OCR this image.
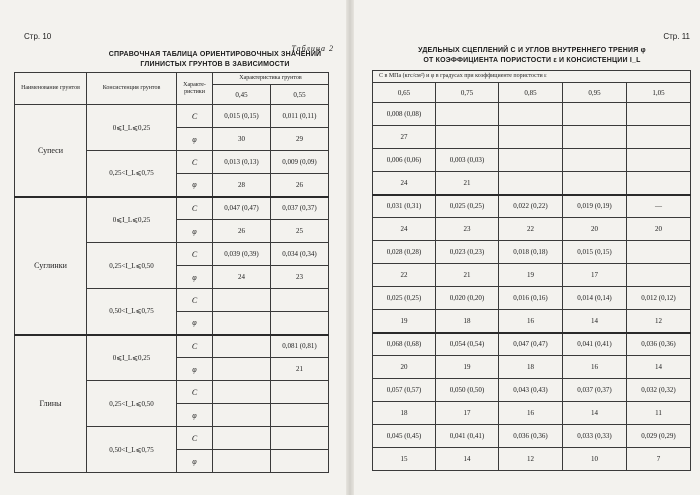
Стр. 10
Таблица 2
СПРАВОЧНАЯ ТАБЛИЦА ОРИЕНТИРОВОЧНЫХ ЗНАЧЕНИЙ
ГЛИНИСТЫХ ГРУНТОВ В ЗАВИСИМОСТИ
Наименование грунтов	Консистенция грунтов	Характе-ристики	Характеристика грунтов	
			0,45	0,55
Супеси	0⩽I_L⩽0,25	C	0,015 (0,15)	0,011 (0,11)
		φ	30	29
	0,25<I_L⩽0,75	C	0,013 (0,13)	0,009 (0,09)
		φ	28	26
Суглинки	0⩽I_L⩽0,25	C	0,047 (0,47)	0,037 (0,37)
		φ	26	25
	0,25<I_L⩽0,50	C	0,039 (0,39)	0,034 (0,34)
		φ	24	23
	0,50<I_L⩽0,75	C		
		φ		
Глины	0⩽I_L⩽0,25	C		0,081 (0,81)
		φ		21
	0,25<I_L⩽0,50	C		
		φ		
	0,50<I_L⩽0,75	C		
		φ		
Стр. 11
УДЕЛЬНЫХ СЦЕПЛЕНИЙ C И УГЛОВ ВНУТРЕННЕГО ТРЕНИЯ φ
ОТ КОЭФФИЦИЕНТА ПОРИСТОСТИ ε И КОНСИСТЕНЦИИ I_L
C в МПа (кгс/см²) и φ в градусах при коэффициенте пористости ε				
0,65	0,75	0,85	0,95	1,05
0,008 (0,08)				
27				
0,006 (0,06)	0,003 (0,03)			
24	21			
0,031 (0,31)	0,025 (0,25)	0,022 (0,22)	0,019 (0,19)	—
24	23	22	20	20
0,028 (0,28)	0,023 (0,23)	0,018 (0,18)	0,015 (0,15)	
22	21	19	17	
0,025 (0,25)	0,020 (0,20)	0,016 (0,16)	0,014 (0,14)	0,012 (0,12)
19	18	16	14	12
0,068 (0,68)	0,054 (0,54)	0,047 (0,47)	0,041 (0,41)	0,036 (0,36)
20	19	18	16	14
0,057 (0,57)	0,050 (0,50)	0,043 (0,43)	0,037 (0,37)	0,032 (0,32)
18	17	16	14	11
0,045 (0,45)	0,041 (0,41)	0,036 (0,36)	0,033 (0,33)	0,029 (0,29)
15	14	12	10	7
